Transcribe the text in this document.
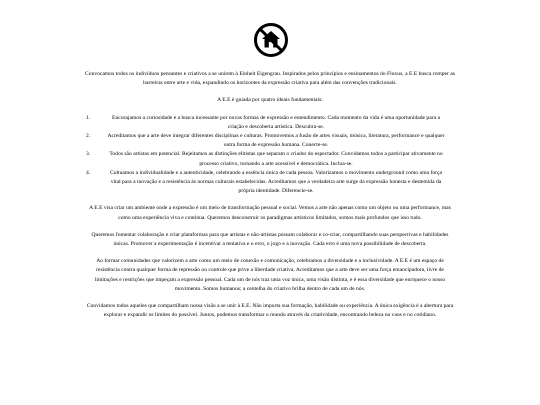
Convocamos todos os indivíduos pensantes e criativos a se unirem à Einheit Eigengrau. Inspirados pelos princípios e ensinamentos do Fluxus, a E.E busca romper as barreiras entre arte e vida, expandindo os horizontes da expressão criativa para além das convenções tradicionais.

A E.E é guiada por quatro ideais fundamentais:

1.	Encorajamos a curiosidade e a busca incessante por novas formas de expressão e entendimento. Cada momento da vida é uma oportunidade para a criação e descoberta artística. Descubra-se.
2.	Acreditamos que a arte deve integrar diferentes disciplinas e culturas. Promovemos a fusão de artes visuais, música, literatura, performance e qualquer outra forma de expressão humana. Conecte-se.
3.	Todos são artistas em potencial. Rejeitamos as distinções elitistas que separam o criador do espectador. Convidamos todos a participar ativamente no processo criativo, tornando a arte acessível e democrática. Inclua-se.
4.	Cultuamos a individualidade e a autenticidade, celebrando a essência única de cada pessoa. Valorizamos o movimento underground como uma força vital para a inovação e a resistência às normas culturais estabelecidas. Acreditamos que a verdadeira arte surge da expressão honesta e destemida da própria identidade. Diferencie-se.

A E.E visa criar um ambiente onde a expressão é um meio de transformação pessoal e social. Vemos a arte não apenas como um objeto ou uma performance, mas como uma experiência viva e contínua. Queremos desconstruir os paradigmas artísticos limitados, somos mais profundos que isso tudo.

Queremos fomentar colaboração e criar plataformas para que artistas e não-artistas possam colaborar e co-criar, compartilhando suas perspectivas e habilidades únicas. Promover a experimentação é incentivar a tentativa e o erro, o jogo e a inovação. Cada erro é uma nova possibilidade de descoberta.

Ao formar comunidades que valorizem a arte como um meio de conexão e comunicação, celebramos a diversidade e a inclusividade. A E.E é um espaço de resistência contra qualquer forma de repressão ou controle que prive a liberdade criativa. Acreditamos que a arte deve ser uma força emancipadora, livre de limitações e restrições que impeçam a expressão pessoal. Cada um de nós traz uma voz única, uma visão distinta, e é essa diversidade que enriquece o nosso movimento. Somos humanos; a centelha do criativo brilha dentro de cada um de nós.

Convidamos todos aqueles que compartilham nossa visão a se unir à E.E. Não importa sua formação, habilidade ou experiência. A única exigência é a abertura para explorar e expandir os limites do possível. Juntos, podemos transformar o mundo através da criatividade, encontrando beleza no caos e no cotidiano.
